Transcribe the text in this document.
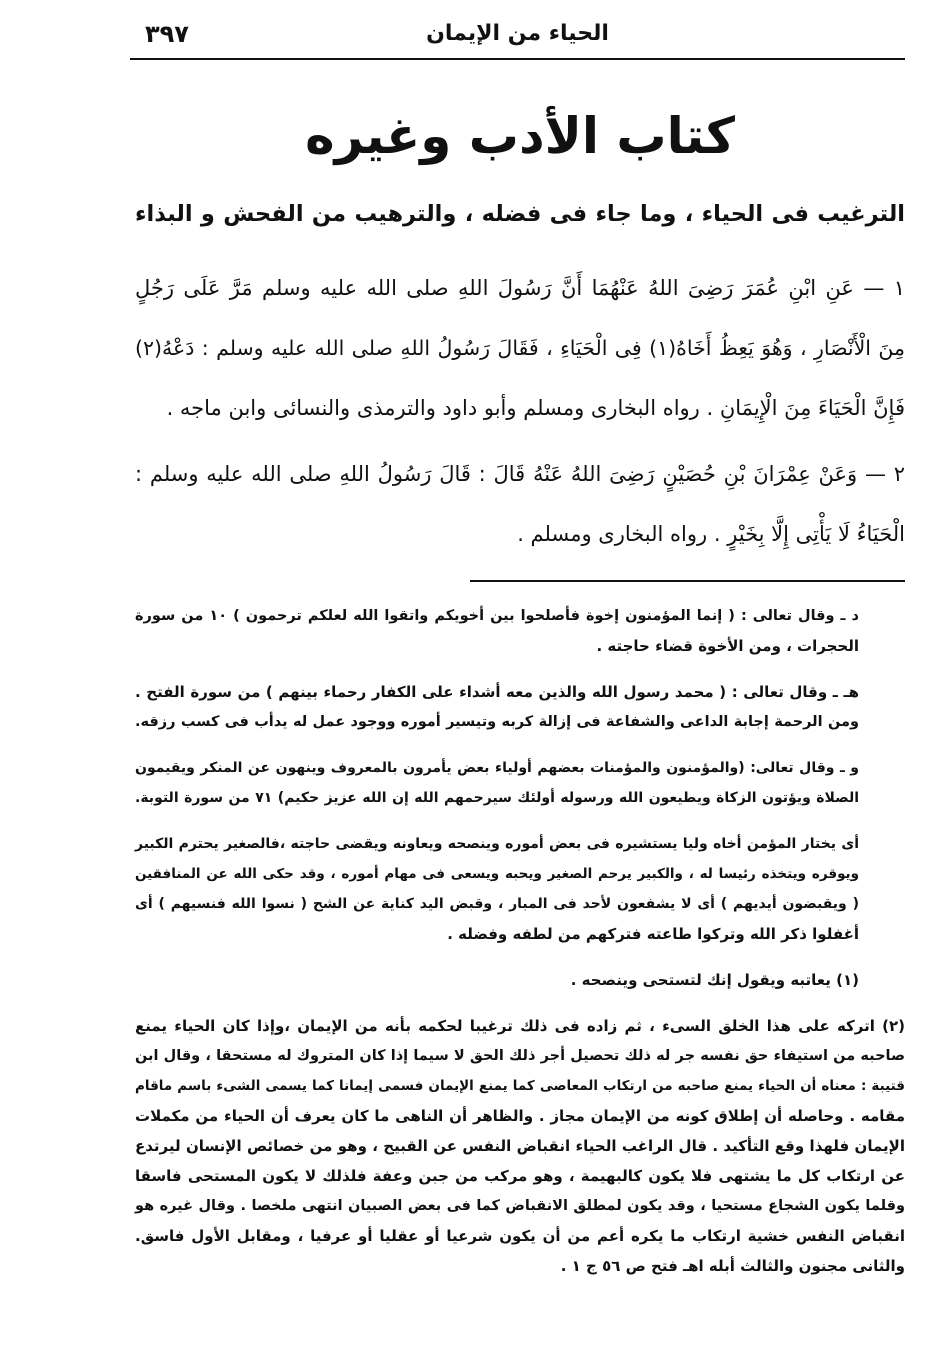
الحياء من الإيمان
٣٩٧
كتاب الأدب وغيره
الترغيب فى الحياء ، وما جاء فى فضله ، والترهيب من الفحش و البذاء
١ — عَنِ ابْنِ عُمَرَ رَضِىَ اللهُ عَنْهُمَا أَنَّ رَسُولَ اللهِ صلى الله عليه وسلم مَرَّ عَلَى رَجُلٍ
مِنَ الْأَنْصَارِ ، وَهُوَ يَعِظُ أَخَاهُ(١) فِى الْحَيَاءِ ، فَقَالَ رَسُولُ اللهِ صلى الله عليه وسلم : دَعْهُ(٢)
فَإِنَّ الْحَيَاءَ مِنَ الْإِيمَانِ . رواه البخارى ومسلم وأبو داود والترمذى والنسائى وابن ماجه .
٢ — وَعَنْ عِمْرَانَ بْنِ حُصَيْنٍ رَضِىَ اللهُ عَنْهُ قَالَ : قَالَ رَسُولُ اللهِ صلى الله عليه وسلم :
الْحَيَاءُ لَا يَأْتِى إِلَّا بِخَيْرٍ . رواه البخارى ومسلم .
د ـ وقال تعالى : ( إنما المؤمنون إخوة فأصلحوا بين أخويكم واتقوا الله لعلكم ترحمون ) ١٠ من سورة
الحجرات ، ومن الأخوة قضاء حاجته .
هـ ـ وقال تعالى : ( محمد رسول الله والذين معه أشداء على الكفار رحماء بينهم ) من سورة الفتح .
ومن الرحمة إجابة الداعى والشفاعة فى إزالة كربه وتيسير أموره ووجود عمل له يدأب فى كسب رزقه.
و ـ وقال تعالى: (والمؤمنون والمؤمنات بعضهم أولياء بعض يأمرون بالمعروف وينهون عن المنكر ويقيمون
الصلاة ويؤتون الزكاة ويطيعون الله ورسوله أولئك سيرحمهم الله إن الله عزيز حكيم) ٧١ من سورة التوبة.
أى يختار المؤمن أخاه وليا يستشيره فى بعض أموره وينصحه ويعاونه ويقضى حاجته ،فالصغير يحترم الكبير
ويوقره ويتخذه رئيسا له ، والكبير يرحم الصغير ويحبه ويسعى فى مهام أموره ، وقد حكى الله عن المنافقين
( ويقبضون أيديهم ) أى لا يشفعون لأحد فى المبار ، وقبض اليد كناية عن الشح ( نسوا الله فنسيهم ) أى
أغفلوا ذكر الله وتركوا طاعته فتركهم من لطفه وفضله .
(١) يعاتبه ويقول إنك لتستحى وينصحه .
(٢) اتركه على هذا الخلق السىء ، ثم زاده فى ذلك ترغيبا لحكمه بأنه من الإيمان ،وإذا كان الحياء يمنع
صاحبه من استيفاء حق نفسه جر له ذلك تحصيل أجر ذلك الحق لا سيما إذا كان المتروك له مستحقا ، وقال ابن
قتيبة : معناه أن الحياء يمنع صاحبه من ارتكاب المعاصى كما يمنع الإيمان فسمى إيمانا كما يسمى الشىء باسم ماقام
مقامه . وحاصله أن إطلاق كونه من الإيمان مجاز . والظاهر أن الناهى ما كان يعرف أن الحياء من مكملات
الإيمان فلهذا وقع التأكيد . قال الراغب الحياء انقباض النفس عن القبيح ، وهو من خصائص الإنسان ليرتدع
عن ارتكاب كل ما يشتهى فلا يكون كالبهيمة ، وهو مركب من جبن وعفة فلذلك لا يكون المستحى فاسقا
وقلما يكون الشجاع مستحيا ، وقد يكون لمطلق الانقباض كما فى بعض الصبيان انتهى ملخصا . وقال غيره هو
انقباض النفس خشية ارتكاب ما يكره أعم من أن يكون شرعيا أو عقليا أو عرفيا ، ومقابل الأول فاسق.
والثانى مجنون والثالث أبله اهـ فتح ص ٥٦ ج ١ .
